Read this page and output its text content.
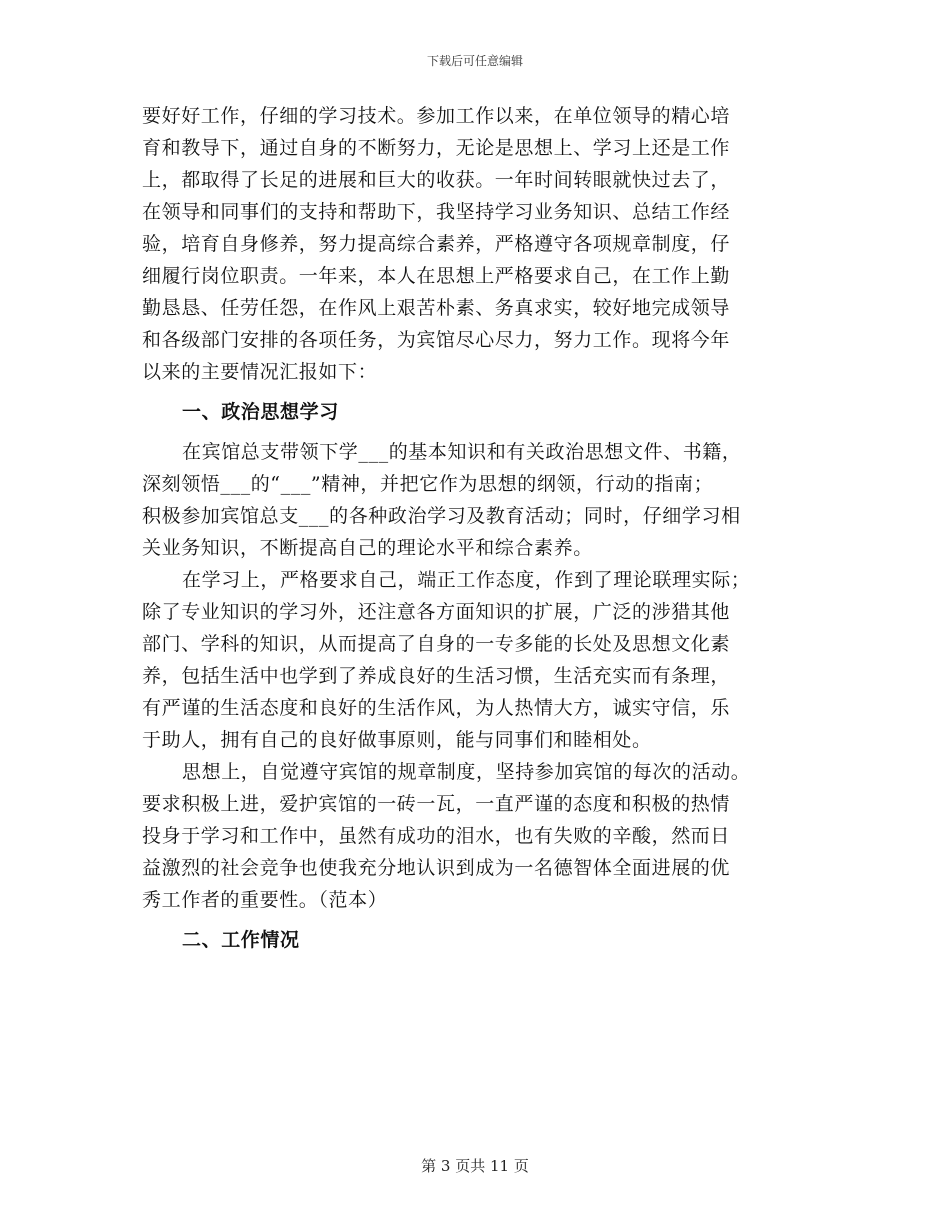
下载后可任意编辑
要好好工作，仔细的学习技术。参加工作以来，在单位领导的精心培
育和教导下，通过自身的不断努力，无论是思想上、学习上还是工作
上，都取得了长足的进展和巨大的收获。一年时间转眼就快过去了，
在领导和同事们的支持和帮助下，我坚持学习业务知识、总结工作经
验，培育自身修养，努力提高综合素养，严格遵守各项规章制度，仔
细履行岗位职责。一年来，本人在思想上严格要求自己，在工作上勤
勤恳恳、任劳任怨，在作风上艰苦朴素、务真求实，较好地完成领导
和各级部门安排的各项任务，为宾馆尽心尽力，努力工作。现将今年
以来的主要情况汇报如下：
一、政治思想学习
在宾馆总支带领下学___的基本知识和有关政治思想文件、书籍，
深刻领悟___的“___”精神，并把它作为思想的纲领，行动的指南；
积极参加宾馆总支___的各种政治学习及教育活动；同时，仔细学习相
关业务知识，不断提高自己的理论水平和综合素养。
在学习上，严格要求自己，端正工作态度，作到了理论联理实际；
除了专业知识的学习外，还注意各方面知识的扩展，广泛的涉猎其他
部门、学科的知识，从而提高了自身的一专多能的长处及思想文化素
养，包括生活中也学到了养成良好的生活习惯，生活充实而有条理，
有严谨的生活态度和良好的生活作风，为人热情大方，诚实守信，乐
于助人，拥有自己的良好做事原则，能与同事们和睦相处。
思想上，自觉遵守宾馆的规章制度，坚持参加宾馆的每次的活动。
要求积极上进，爱护宾馆的一砖一瓦，一直严谨的态度和积极的热情
投身于学习和工作中，虽然有成功的泪水，也有失败的辛酸，然而日
益激烈的社会竞争也使我充分地认识到成为一名德智体全面进展的优
秀工作者的重要性。（范本）
二、工作情况
第 3 页共 11 页
